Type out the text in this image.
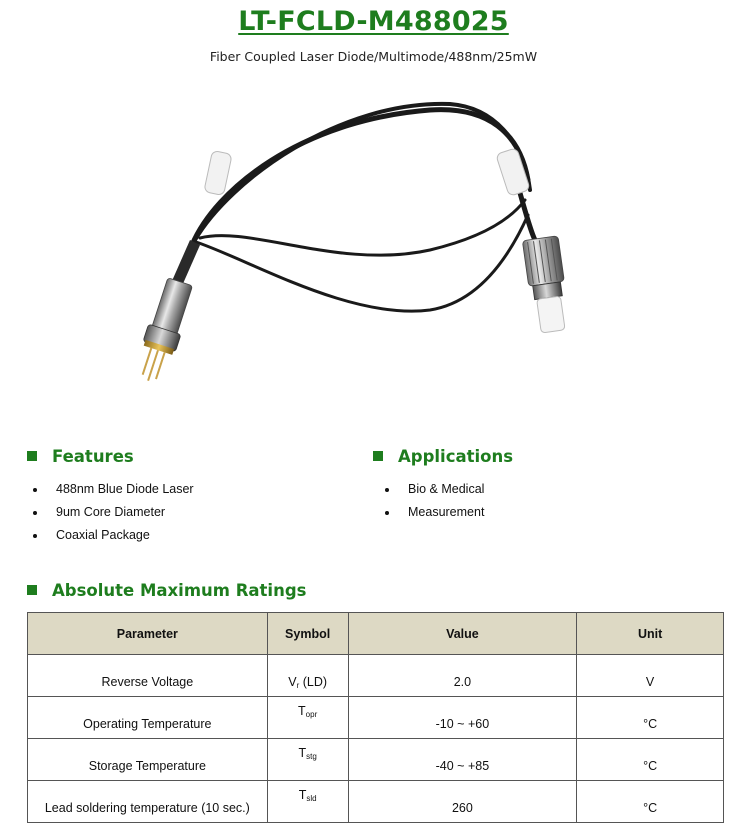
LT-FCLD-M488025
Fiber Coupled Laser Diode/Multimode/488nm/25mW
Features
488nm Blue Diode Laser
9um Core Diameter
Coaxial Package
Applications
Bio & Medical
Measurement
Absolute Maximum Ratings
Parameter	Symbol	Value	Unit
Reverse Voltage	Vr (LD)	2.0	V
Operating Temperature	Topr	-10 ~ +60	°C
Storage Temperature	Tstg	-40 ~ +85	°C
Lead soldering temperature (10 sec.)	Tsld	260	°C
